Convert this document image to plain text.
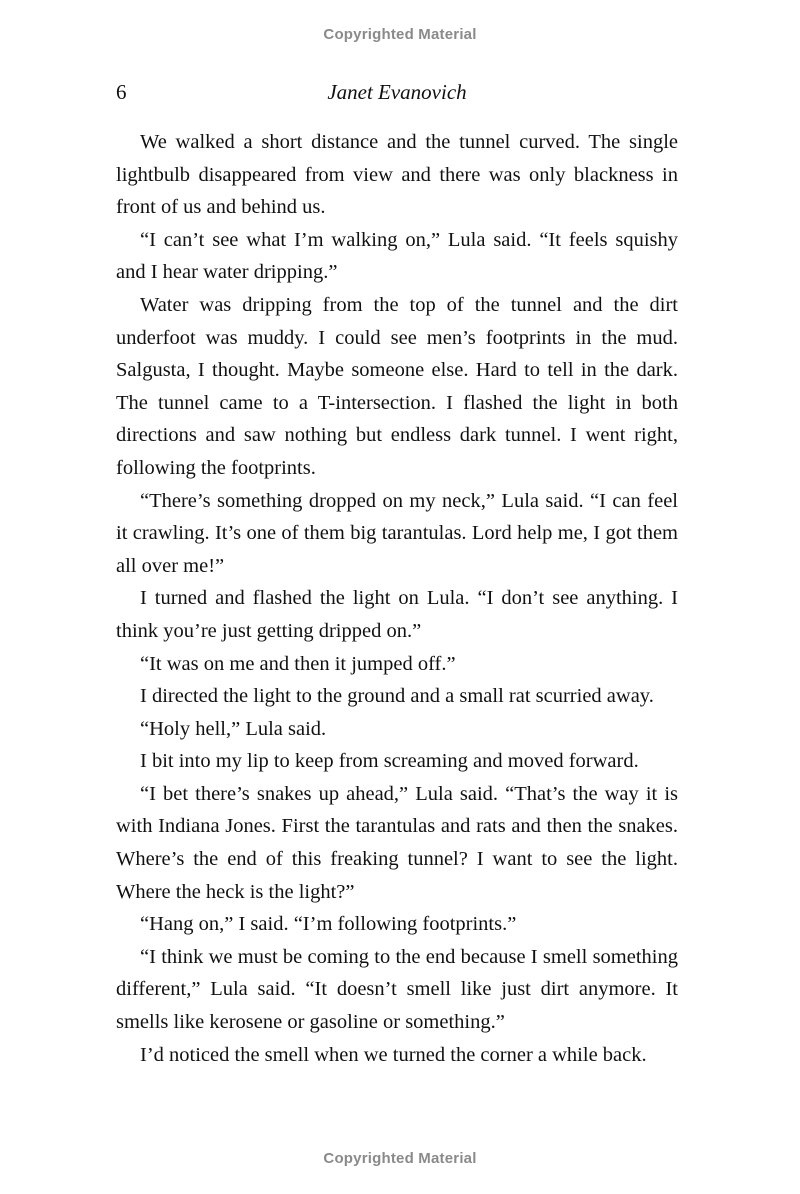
Copyrighted Material
6	Janet Evanovich

We walked a short distance and the tunnel curved. The single lightbulb disappeared from view and there was only blackness in front of us and behind us.

“I can’t see what I’m walking on,” Lula said. “It feels squishy and I hear water dripping.”

Water was dripping from the top of the tunnel and the dirt underfoot was muddy. I could see men’s footprints in the mud. Salgusta, I thought. Maybe someone else. Hard to tell in the dark. The tunnel came to a T-intersection. I flashed the light in both directions and saw nothing but endless dark tunnel. I went right, following the footprints.

“There’s something dropped on my neck,” Lula said. “I can feel it crawling. It’s one of them big tarantulas. Lord help me, I got them all over me!”

I turned and flashed the light on Lula. “I don’t see anything. I think you’re just getting dripped on.”

“It was on me and then it jumped off.”

I directed the light to the ground and a small rat scurried away.

“Holy hell,” Lula said.

I bit into my lip to keep from screaming and moved forward.

“I bet there’s snakes up ahead,” Lula said. “That’s the way it is with Indiana Jones. First the tarantulas and rats and then the snakes. Where’s the end of this freaking tunnel? I want to see the light. Where the heck is the light?”

“Hang on,” I said. “I’m following footprints.”

“I think we must be coming to the end because I smell something different,” Lula said. “It doesn’t smell like just dirt anymore. It smells like kerosene or gasoline or something.”

I’d noticed the smell when we turned the corner a while back.

Copyrighted Material
